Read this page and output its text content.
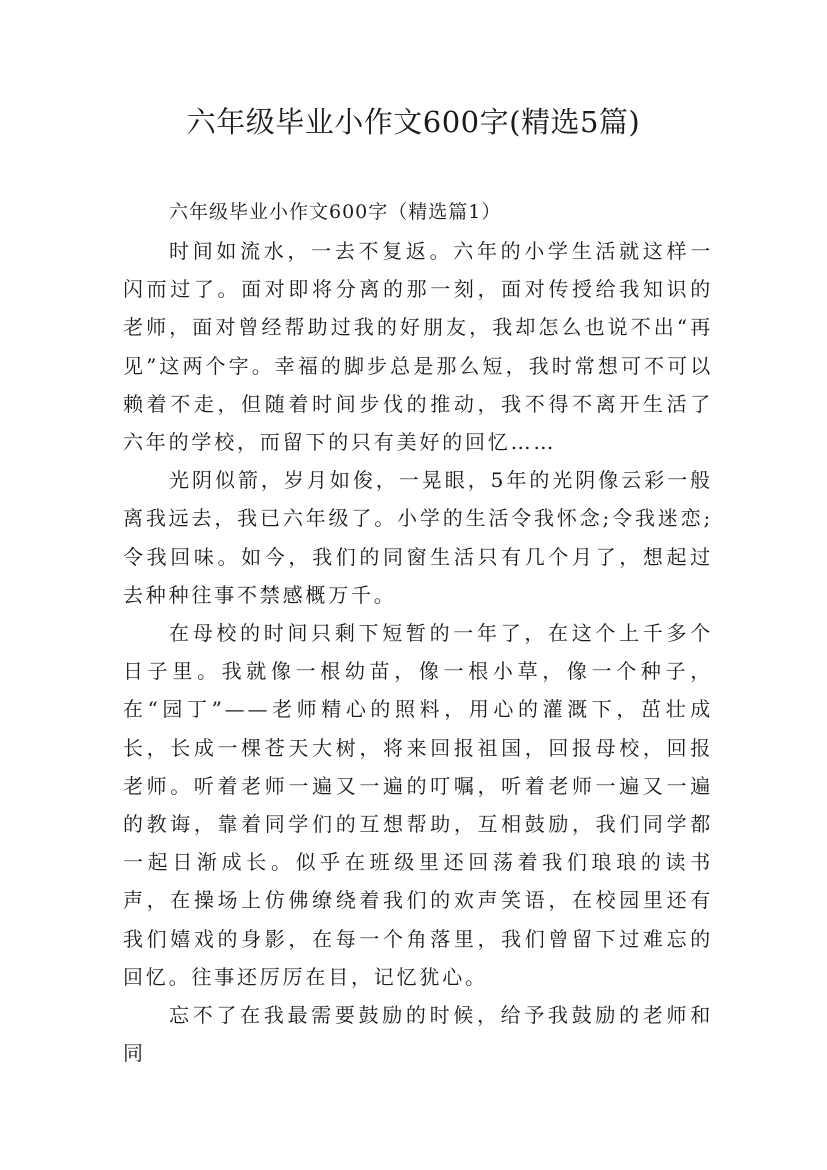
六年级毕业小作文600字(精选5篇)

六年级毕业小作文600字（精选篇1）

时间如流水，一去不复返。六年的小学生活就这样一闪而过了。面对即将分离的那一刻，面对传授给我知识的老师，面对曾经帮助过我的好朋友，我却怎么也说不出“再见”这两个字。幸福的脚步总是那么短，我时常想可不可以赖着不走，但随着时间步伐的推动，我不得不离开生活了六年的学校，而留下的只有美好的回忆……

光阴似箭，岁月如俊，一晃眼，5年的光阴像云彩一般离我远去，我已六年级了。小学的生活令我怀念;令我迷恋;令我回味。如今，我们的同窗生活只有几个月了，想起过去种种往事不禁感概万千。

在母校的时间只剩下短暂的一年了，在这个上千多个日子里。我就像一根幼苗，像一根小草，像一个种子，在“园丁”——老师精心的照料，用心的灌溉下，茁壮成长，长成一棵苍天大树，将来回报祖国，回报母校，回报老师。听着老师一遍又一遍的叮嘱，听着老师一遍又一遍的教诲，靠着同学们的互想帮助，互相鼓励，我们同学都一起日渐成长。似乎在班级里还回荡着我们琅琅的读书声，在操场上仿佛缭绕着我们的欢声笑语，在校园里还有我们嬉戏的身影，在每一个角落里，我们曾留下过难忘的回忆。往事还厉厉在目，记忆犹心。

忘不了在我最需要鼓励的时候，给予我鼓励的老师和同
